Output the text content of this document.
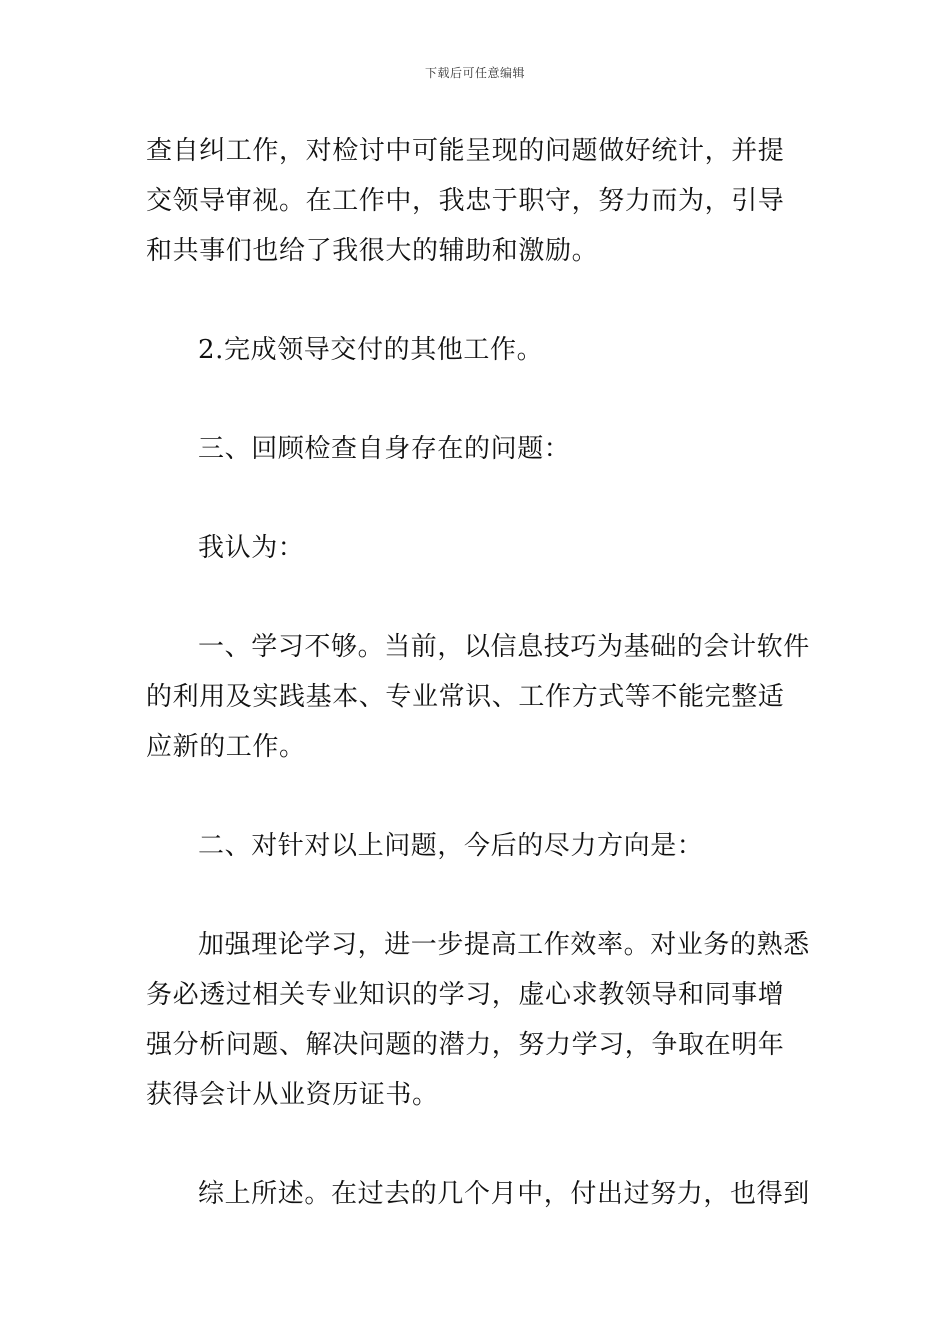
下载后可任意编辑

查自纠工作，对检讨中可能呈现的问题做好统计，并提交领导审视。在工作中，我忠于职守，努力而为，引导和共事们也给了我很大的辅助和激励。

2.完成领导交付的其他工作。

三、回顾检查自身存在的问题：

我认为：

一、学习不够。当前，以信息技巧为基础的会计软件的利用及实践基本、专业常识、工作方式等不能完整适应新的工作。

二、对针对以上问题，今后的尽力方向是：

加强理论学习，进一步提高工作效率。对业务的熟悉务必透过相关专业知识的学习，虚心求教领导和同事增强分析问题、解决问题的潜力，努力学习，争取在明年获得会计从业资历证书。

综上所述。在过去的几个月中，付出过努力，也得到
